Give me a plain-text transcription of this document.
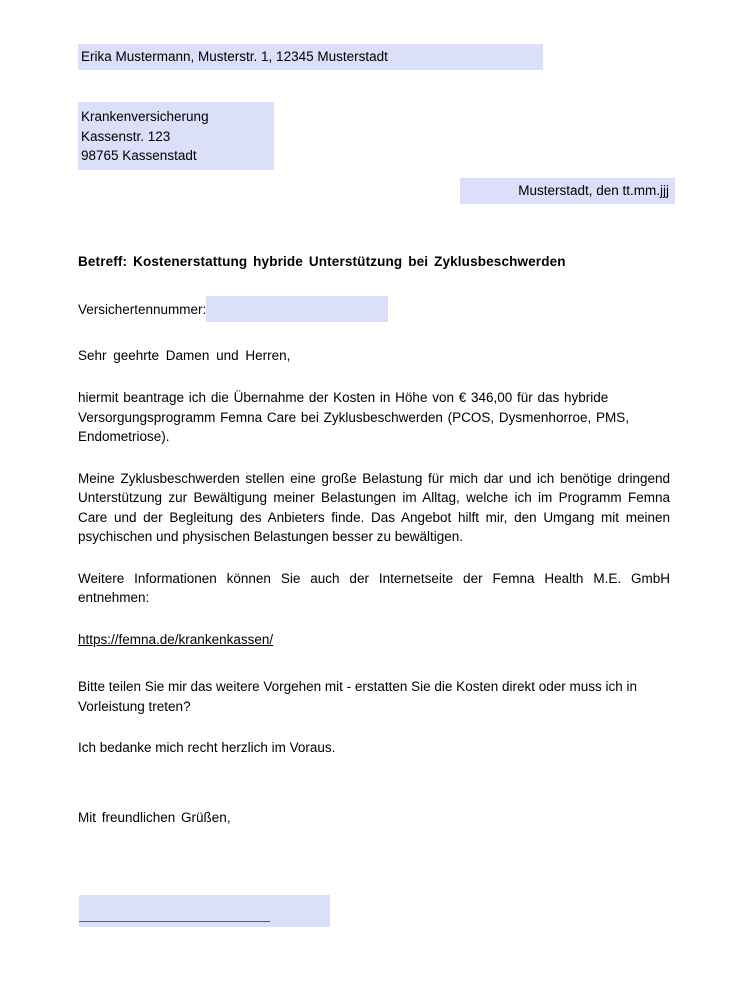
Erika Mustermann, Musterstr. 1, 12345 Musterstadt
Krankenversicherung
Kassenstr. 123
98765 Kassenstadt
Musterstadt, den tt.mm.jjj
Betreff: Kostenerstattung hybride Unterstützung bei Zyklusbeschwerden
Versichertennummer:

Sehr geehrte Damen und Herren,

hiermit beantrage ich die Übernahme der Kosten in Höhe von € 346,00 für das hybride Versorgungsprogramm Femna Care bei Zyklusbeschwerden (PCOS, Dysmenhorroe, PMS, Endometriose).

Meine Zyklusbeschwerden stellen eine große Belastung für mich dar und ich benötige dringend Unterstützung zur Bewältigung meiner Belastungen im Alltag, welche ich im Programm Femna Care und der Begleitung des Anbieters finde. Das Angebot hilft mir, den Umgang mit meinen psychischen und physischen Belastungen besser zu bewältigen.

Weitere Informationen können Sie auch der Internetseite der Femna Health M.E. GmbH entnehmen:

https://femna.de/krankenkassen/

Bitte teilen Sie mir das weitere Vorgehen mit - erstatten Sie die Kosten direkt oder muss ich in Vorleistung treten?

Ich bedanke mich recht herzlich im Voraus.

Mit freundlichen Grüßen,
